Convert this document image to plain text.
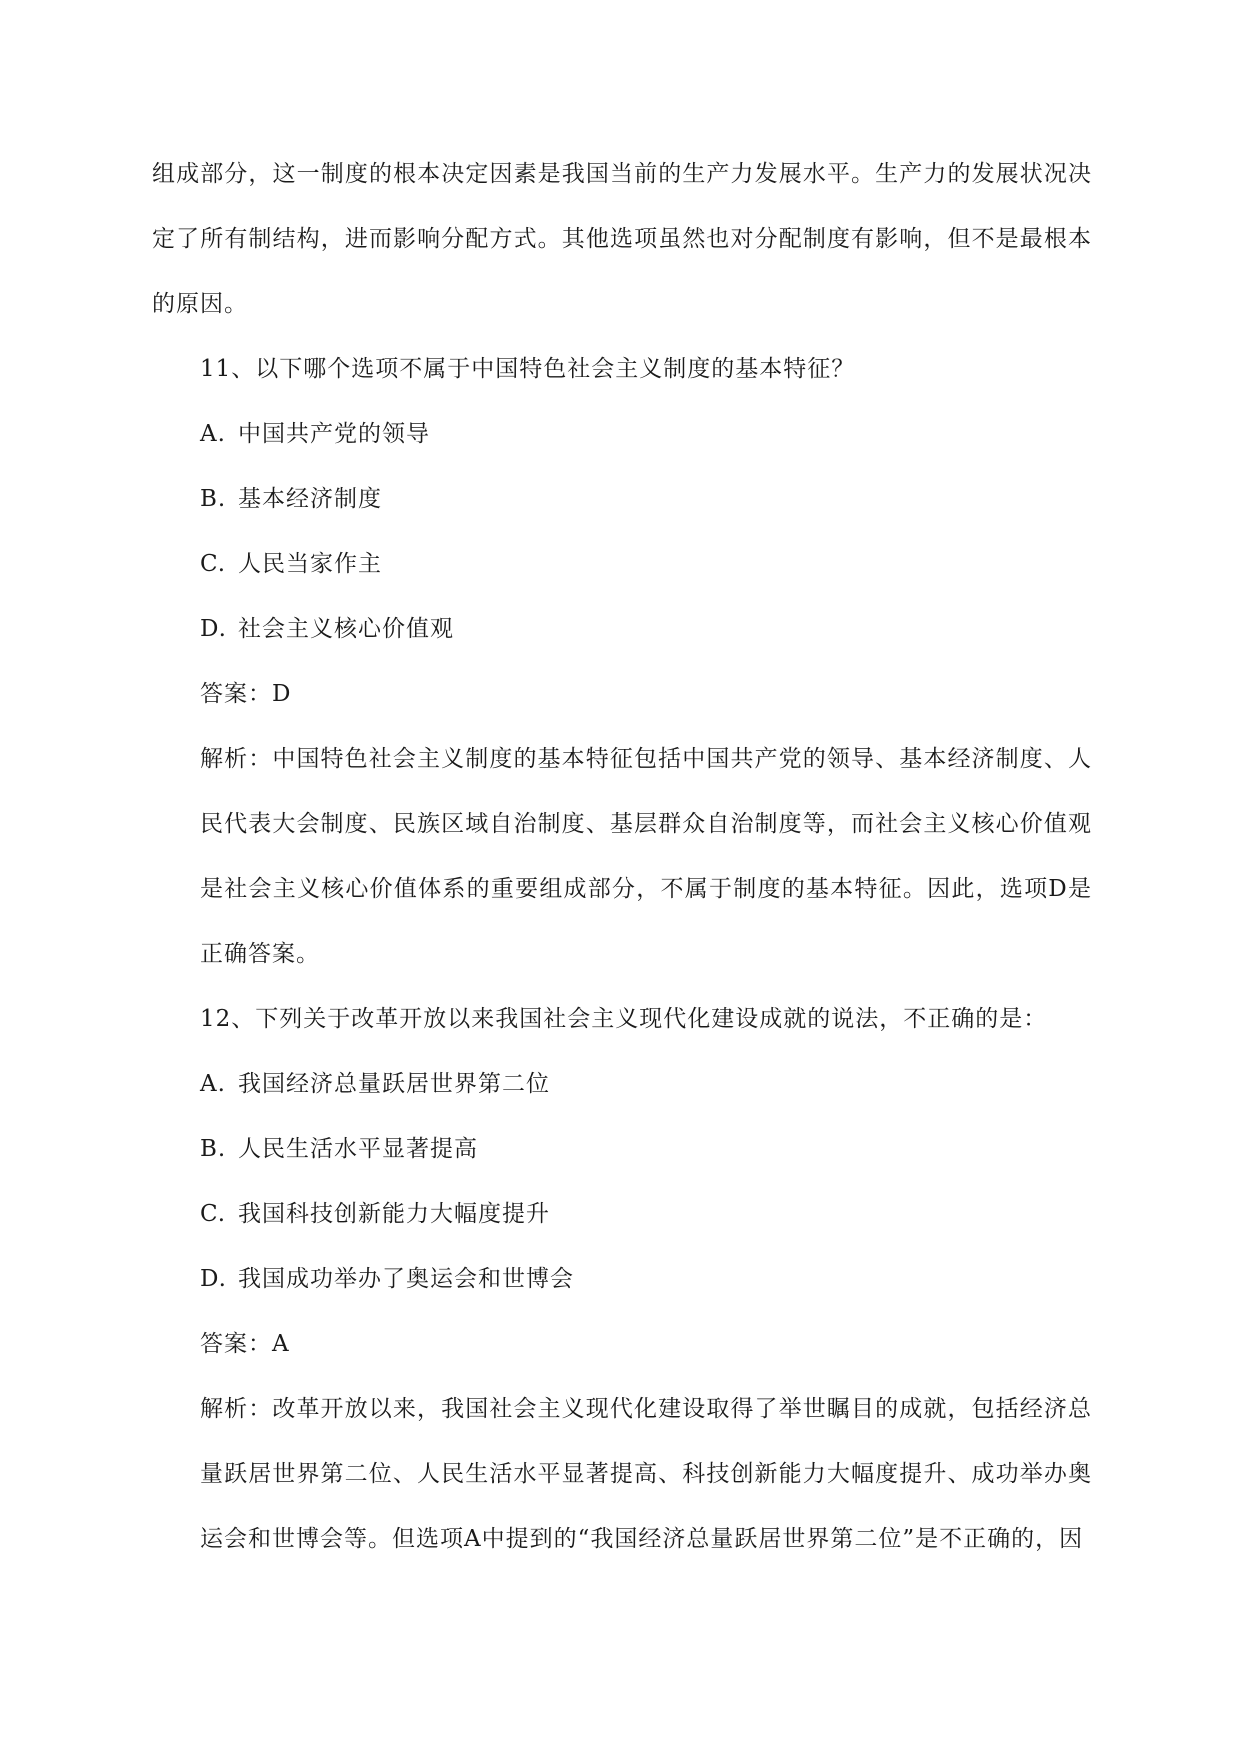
组成部分，这一制度的根本决定因素是我国当前的生产力发展水平。生产力的发展状况决定了所有制结构，进而影响分配方式。其他选项虽然也对分配制度有影响，但不是最根本的原因。

11、以下哪个选项不属于中国特色社会主义制度的基本特征？

A. 中国共产党的领导

B. 基本经济制度

C. 人民当家作主

D. 社会主义核心价值观

答案：D

解析：中国特色社会主义制度的基本特征包括中国共产党的领导、基本经济制度、人民代表大会制度、民族区域自治制度、基层群众自治制度等，而社会主义核心价值观是社会主义核心价值体系的重要组成部分，不属于制度的基本特征。因此，选项D是正确答案。

12、下列关于改革开放以来我国社会主义现代化建设成就的说法，不正确的是：

A. 我国经济总量跃居世界第二位

B. 人民生活水平显著提高

C. 我国科技创新能力大幅度提升

D. 我国成功举办了奥运会和世博会

答案：A

解析：改革开放以来，我国社会主义现代化建设取得了举世瞩目的成就，包括经济总量跃居世界第二位、人民生活水平显著提高、科技创新能力大幅度提升、成功举办奥运会和世博会等。但选项A中提到的“我国经济总量跃居世界第二位”是不正确的，因
